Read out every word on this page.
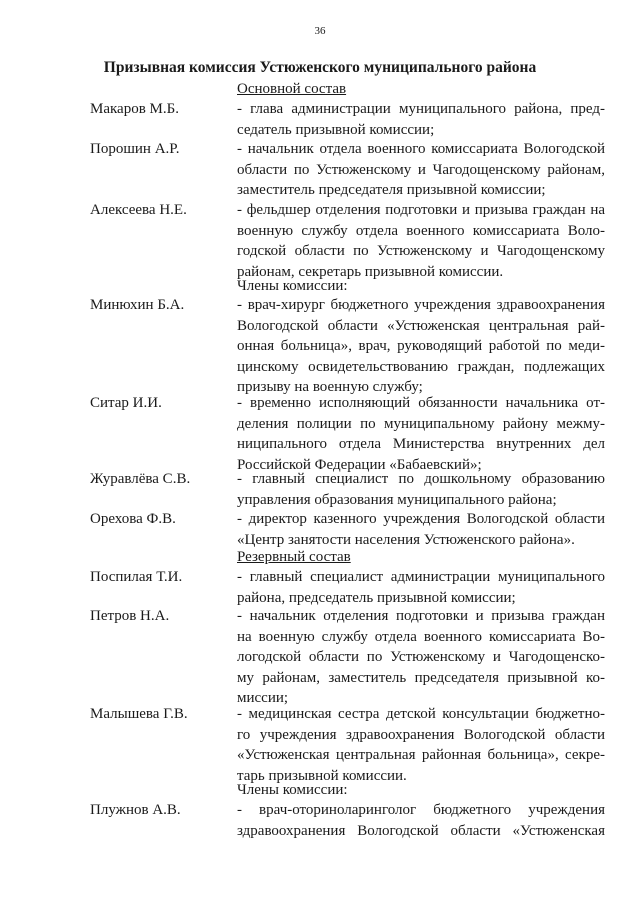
36
Призывная комиссия Устюженского муниципального района
Основной состав
Макаров М.Б.	- глава администрации муниципального района, пред-
седатель призывной комиссии;
Порошин А.Р.	- начальник отдела военного комиссариата Вологодской
области по Устюженскому и Чагодощенскому районам,
заместитель председателя призывной комиссии;
Алексеева Н.Е.	- фельдшер отделения подготовки и призыва граждан на
военную службу отдела военного комиссариата Воло-
годской области по Устюженскому и Чагодощенскому
районам, секретарь призывной комиссии.
Члены комиссии:
Минюхин Б.А.	- врач-хирург бюджетного учреждения здравоохранения
Вологодской области «Устюженская центральная рай-
онная больница», врач, руководящий работой по меди-
цинскому освидетельствованию граждан, подлежащих
призыву на военную службу;
Ситар И.И.	- временно исполняющий обязанности начальника от-
деления полиции по муниципальному району межму-
ниципального отдела Министерства внутренних дел
Российской Федерации «Бабаевский»;
Журавлёва С.В.	- главный специалист по дошкольному образованию
управления образования муниципального района;
Орехова Ф.В.	- директор казенного учреждения Вологодской области
«Центр занятости населения Устюженского района».
Резервный состав
Поспилая Т.И.	- главный специалист администрации муниципального
района, председатель призывной комиссии;
Петров Н.А.	- начальник отделения подготовки и призыва граждан
на военную службу отдела военного комиссариата Во-
логодской области по Устюженскому и Чагодощенско-
му районам, заместитель председателя призывной ко-
миссии;
Малышева Г.В.	- медицинская сестра детской консультации бюджетно-
го учреждения здравоохранения Вологодской области
«Устюженская центральная районная больница», секре-
тарь призывной комиссии.
Члены комиссии:
Плужнов А.В.	- врач-оториноларинголог бюджетного учреждения
здравоохранения Вологодской области «Устюженская
